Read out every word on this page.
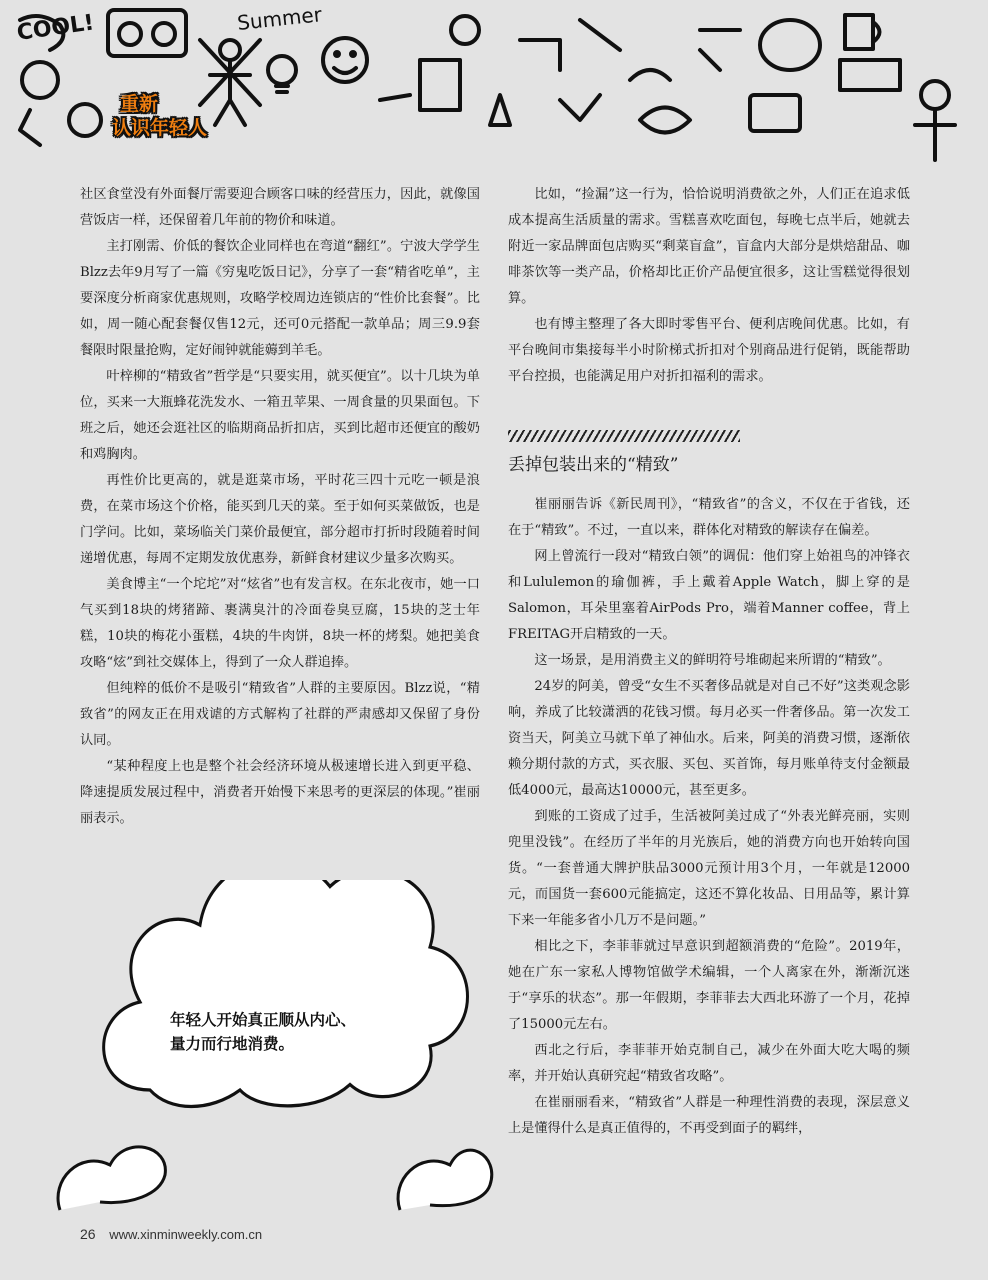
COOL!	Summer
重新
认识年轻人

社区食堂没有外面餐厅需要迎合顾客口味的经营压力，因此，就像国营饭店一样，还保留着几年前的物价和味道。

主打刚需、价低的餐饮企业同样也在弯道“翻红”。宁波大学学生Blzz去年9月写了一篇《穷鬼吃饭日记》，分享了一套“精省吃单”，主要深度分析商家优惠规则，攻略学校周边连锁店的“性价比套餐”。比如，周一随心配套餐仅售12元，还可0元搭配一款单品；周三9.9套餐限时限量抢购，定好闹钟就能薅到羊毛。

叶梓柳的“精致省”哲学是“只要实用，就买便宜”。以十几块为单位，买来一大瓶蜂花洗发水、一箱丑苹果、一周食量的贝果面包。下班之后，她还会逛社区的临期商品折扣店，买到比超市还便宜的酸奶和鸡胸肉。

再性价比更高的，就是逛菜市场，平时花三四十元吃一顿是浪费，在菜市场这个价格，能买到几天的菜。至于如何买菜做饭，也是门学问。比如，菜场临关门菜价最便宜，部分超市打折时段随着时间递增优惠，每周不定期发放优惠券，新鲜食材建议少量多次购买。

美食博主“一个坨坨”对“炫省”也有发言权。在东北夜市，她一口气买到18块的烤猪蹄、裹满臭汁的冷面卷臭豆腐，15块的芝士年糕，10块的梅花小蛋糕，4块的牛肉饼，8块一杯的烤梨。她把美食攻略“炫”到社交媒体上，得到了一众人群追捧。

但纯粹的低价不是吸引“精致省”人群的主要原因。Blzz说，“精致省”的网友正在用戏谑的方式解构了社群的严肃感却又保留了身份认同。

“某种程度上也是整个社会经济环境从极速增长进入到更平稳、降速提质发展过程中，消费者开始慢下来思考的更深层的体现。”崔丽丽表示。

年轻人开始真正顺从内心、量力而行地消费。

比如，“捡漏”这一行为，恰恰说明消费欲之外，人们正在追求低成本提高生活质量的需求。雪糕喜欢吃面包，每晚七点半后，她就去附近一家品牌面包店购买“剩菜盲盒”，盲盒内大部分是烘焙甜品、咖啡茶饮等一类产品，价格却比正价产品便宜很多，这让雪糕觉得很划算。

也有博主整理了各大即时零售平台、便利店晚间优惠。比如，有平台晚间市集接每半小时阶梯式折扣对个别商品进行促销，既能帮助平台控损，也能满足用户对折扣福利的需求。

丢掉包装出来的“精致”

崔丽丽告诉《新民周刊》，“精致省”的含义，不仅在于省钱，还在于“精致”。不过，一直以来，群体化对精致的解读存在偏差。

网上曾流行一段对“精致白领”的调侃：他们穿上始祖鸟的冲锋衣和Lululemon的瑜伽裤，手上戴着Apple Watch，脚上穿的是Salomon，耳朵里塞着AirPods Pro，端着Manner coffee，背上FREITAG开启精致的一天。

这一场景，是用消费主义的鲜明符号堆砌起来所谓的“精致”。

24岁的阿美，曾受“女生不买奢侈品就是对自己不好”这类观念影响，养成了比较潇洒的花钱习惯。每月必买一件奢侈品。第一次发工资当天，阿美立马就下单了神仙水。后来，阿美的消费习惯，逐渐依赖分期付款的方式，买衣服、买包、买首饰，每月账单待支付金额最低4000元，最高达10000元，甚至更多。

到账的工资成了过手，生活被阿美过成了“外表光鲜亮丽，实则兜里没钱”。在经历了半年的月光族后，她的消费方向也开始转向国货。“一套普通大牌护肤品3000元预计用3个月，一年就是12000元，而国货一套600元能搞定，这还不算化妆品、日用品等，累计算下来一年能多省小几万不是问题。”

相比之下，李菲菲就过早意识到超额消费的“危险”。2019年，她在广东一家私人博物馆做学术编辑，一个人离家在外，渐渐沉迷于“享乐的状态”。那一年假期，李菲菲去大西北环游了一个月，花掉了15000元左右。

西北之行后，李菲菲开始克制自己，减少在外面大吃大喝的频率，并开始认真研究起“精致省攻略”。

在崔丽丽看来，“精致省”人群是一种理性消费的表现，深层意义上是懂得什么是真正值得的，不再受到面子的羁绊，

26 www.xinminweekly.com.cn
